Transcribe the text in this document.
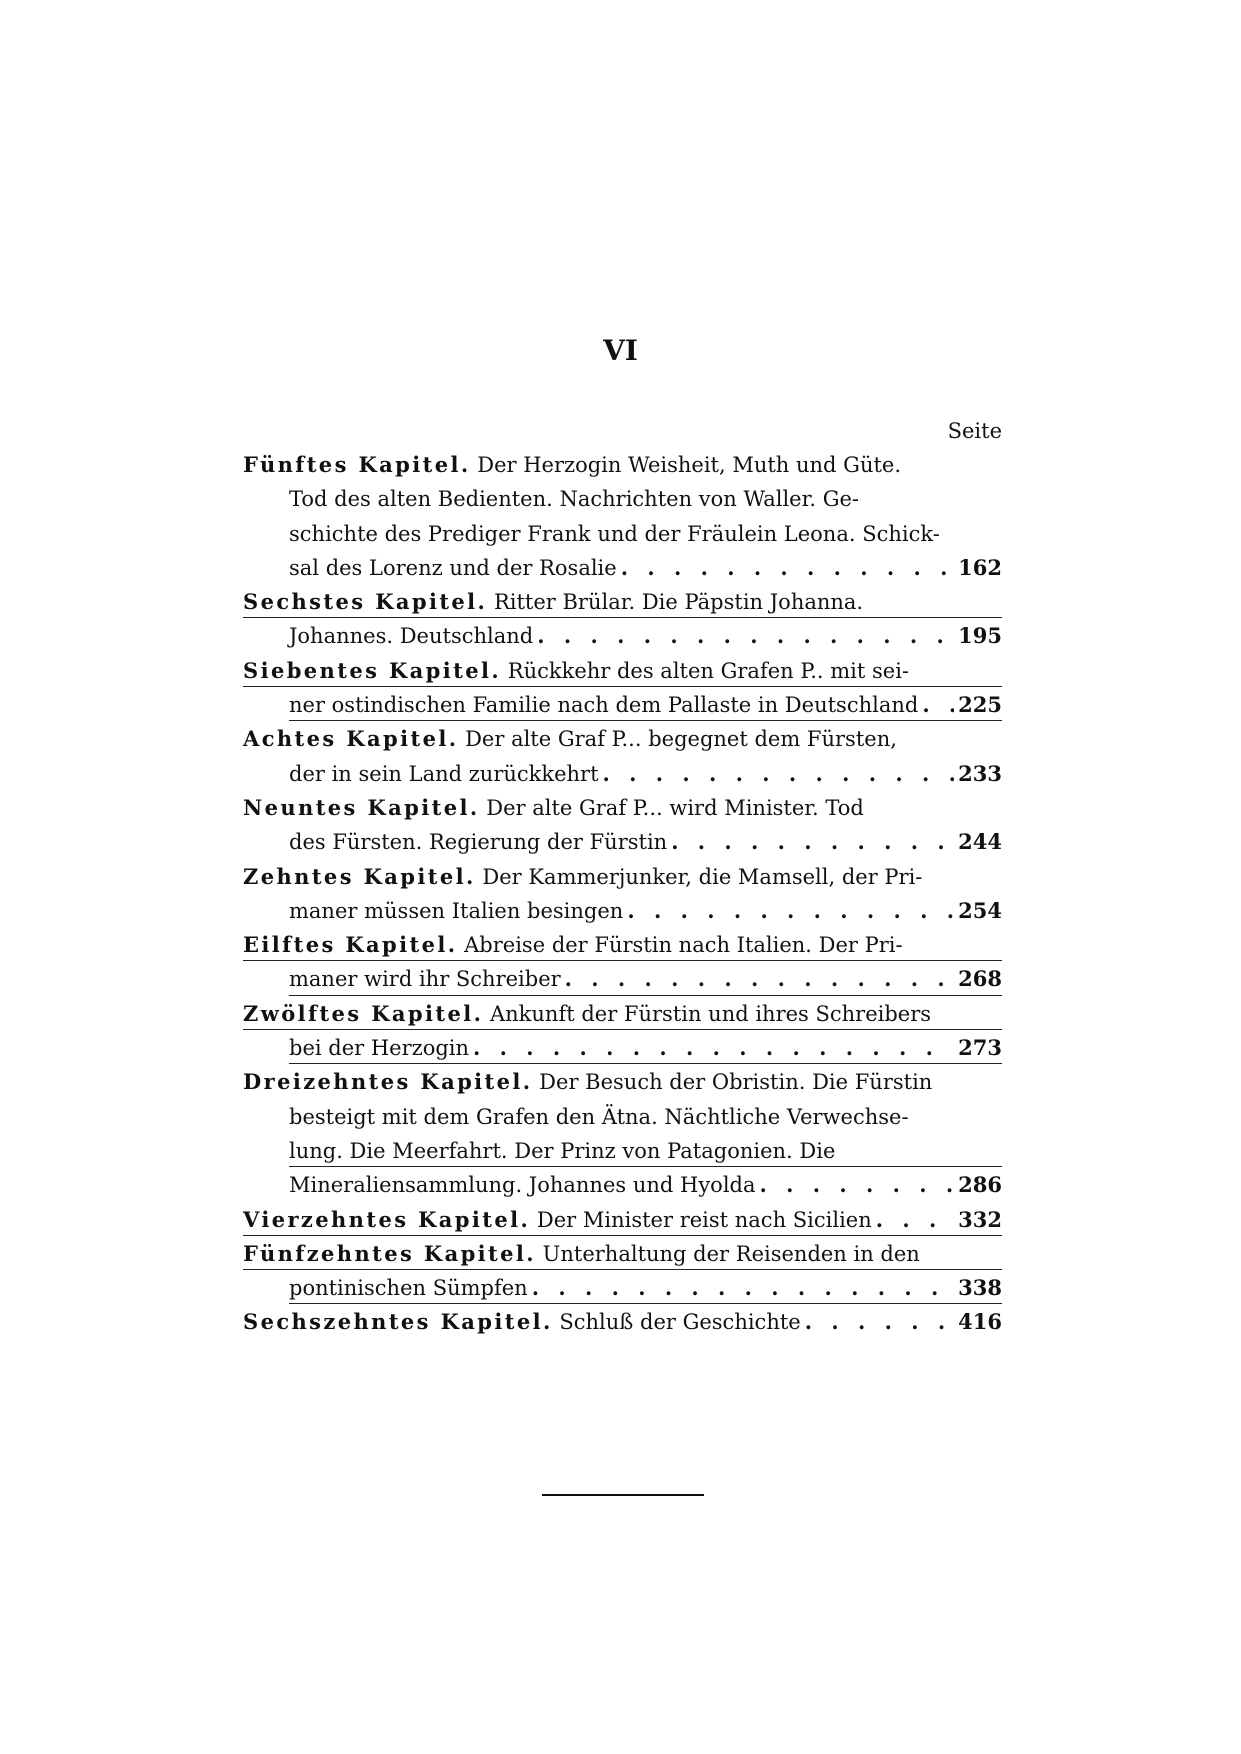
VI
Seite
Fünftes Kapitel. Der Herzogin Weisheit, Muth und Güte.
Tod des alten Bedienten. Nachrichten von Waller. Ge-
schichte des Prediger Frank und der Fräulein Leona. Schick-
sal des Lorenz und der Rosalie . . .	162
Sechstes Kapitel. Ritter Brülar. Die Päpstin Johanna.
Johannes. Deutschland . . .	195
Siebentes Kapitel. Rückkehr des alten Grafen P.. mit sei-
ner ostindischen Familie nach dem Pallaste in Deutschland . . . 225
Achtes Kapitel. Der alte Graf P... begegnet dem Fürsten,
der in sein Land zurückkehrt . . .	233
Neuntes Kapitel. Der alte Graf P... wird Minister. Tod
des Fürsten. Regierung der Fürstin . . .	244
Zehntes Kapitel. Der Kammerjunker, die Mamsell, der Pri-
maner müssen Italien besingen . . .	254
Eilftes Kapitel. Abreise der Fürstin nach Italien. Der Pri-
maner wird ihr Schreiber . . .	268
Zwölftes Kapitel. Ankunft der Fürstin und ihres Schreibers
bei der Herzogin . . .	273
Dreizehntes Kapitel. Der Besuch der Obristin. Die Fürstin
besteigt mit dem Grafen den Ätna. Nächtliche Verwechse-
lung. Die Meerfahrt. Der Prinz von Patagonien. Die
Mineraliensammlung. Johannes und Hyolda . . .	286
Vierzehntes Kapitel. Der Minister reist nach Sicilien . . .	332
Fünfzehntes Kapitel. Unterhaltung der Reisenden in den
pontinischen Sümpfen . . .	338
Sechszehntes Kapitel. Schluß der Geschichte . . .	416
